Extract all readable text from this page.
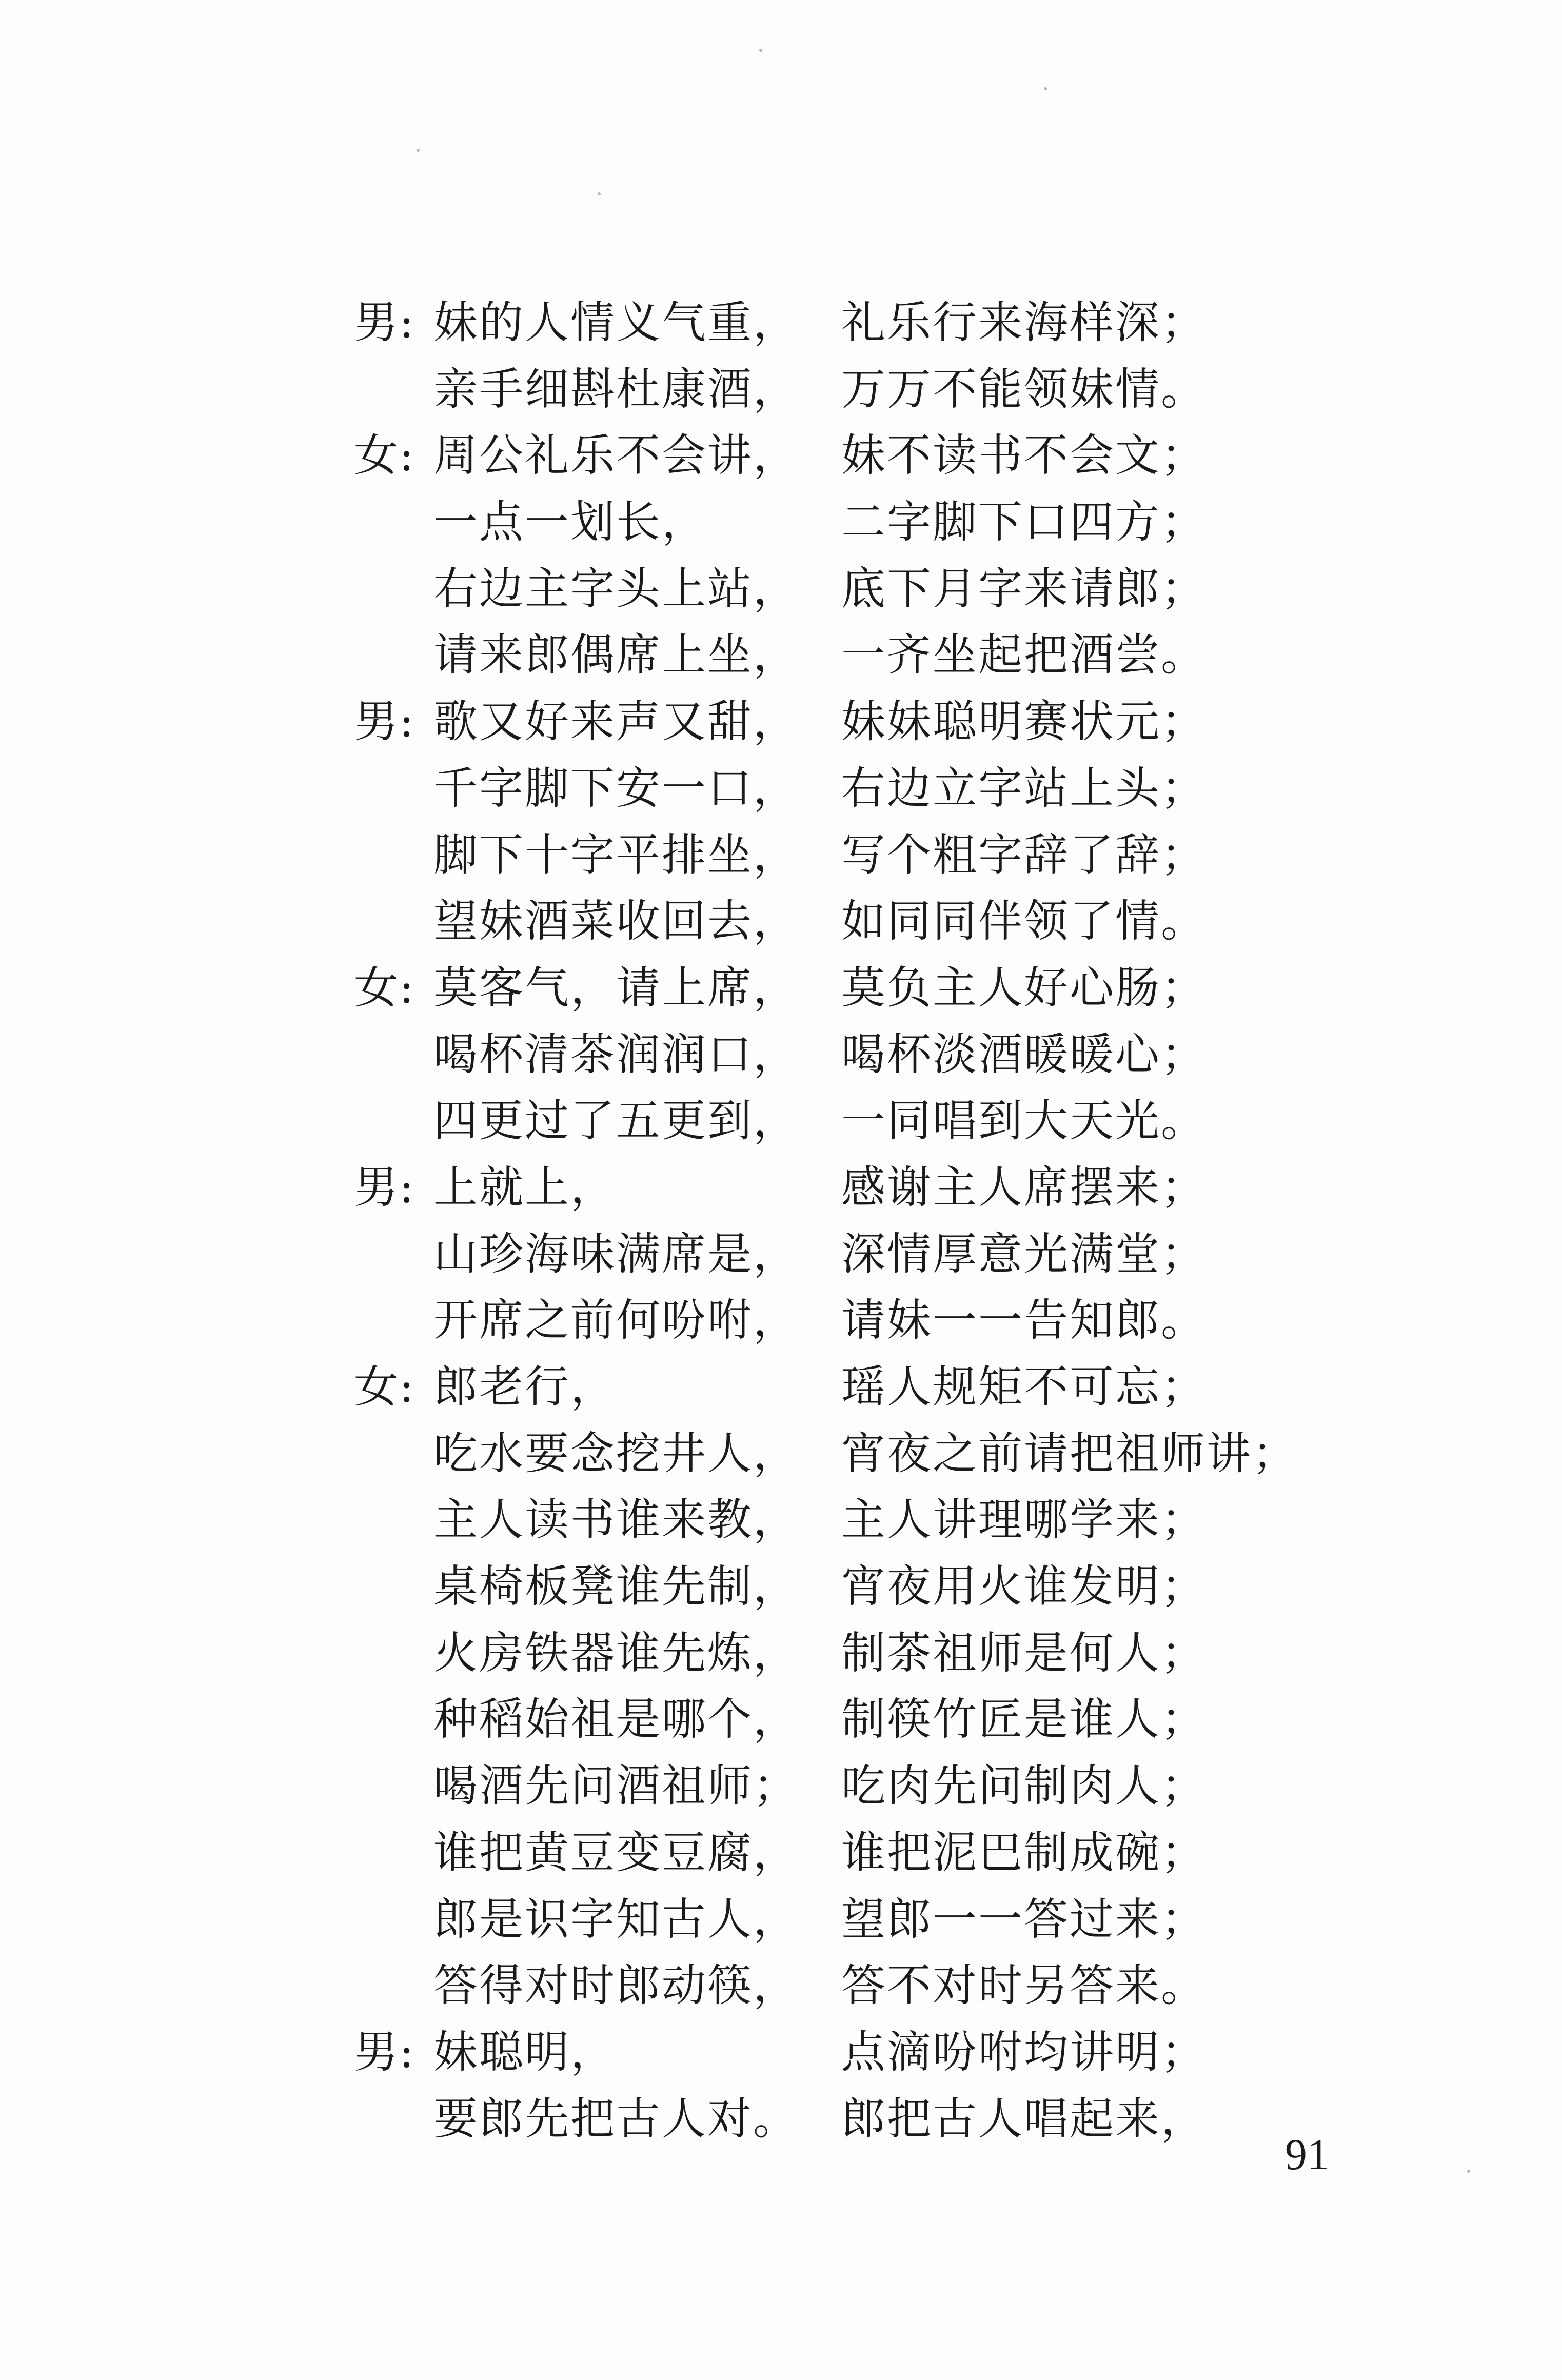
男: 妹的人情义气重， 礼乐行来海样深；
亲手细斟杜康酒， 万万不能领妹情。
女: 周公礼乐不会讲， 妹不读书不会文；
一点一划长，	二字脚下口四方；
右边主字头上站， 底下月字来请郎；
请来郎偶席上坐， 一齐坐起把酒尝。
男: 歌又好来声又甜， 妹妹聪明赛状元；
千字脚下安一口， 右边立字站上头；
脚下十字平排坐， 写个粗字辞了辞；
望妹酒菜收回去， 如同同伴领了情。
女: 莫客气，请上席， 莫负主人好心肠；
喝杯清茶润润口， 喝杯淡酒暖暖心；
四更过了五更到， 一同唱到大天光。
男: 上就上，	感谢主人席摆来；
山珍海味满席是， 深情厚意光满堂；
开席之前何吩咐， 请妹一一告知郎。
女: 郎老行，	瑶人规矩不可忘；
吃水要念挖井人， 宵夜之前请把祖师讲；
主人读书谁来教， 主人讲理哪学来；
桌椅板凳谁先制， 宵夜用火谁发明；
火房铁器谁先炼， 制茶祖师是何人；
种稻始祖是哪个， 制筷竹匠是谁人；
喝酒先问酒祖师； 吃肉先问制肉人；
谁把黄豆变豆腐， 谁把泥巴制成碗；
郎是识字知古人， 望郎一一答过来；
答得对时郎动筷， 答不对时另答来。
男: 妹聪明，	点滴吩咐均讲明；
要郎先把古人对。 郎把古人唱起来，
91
